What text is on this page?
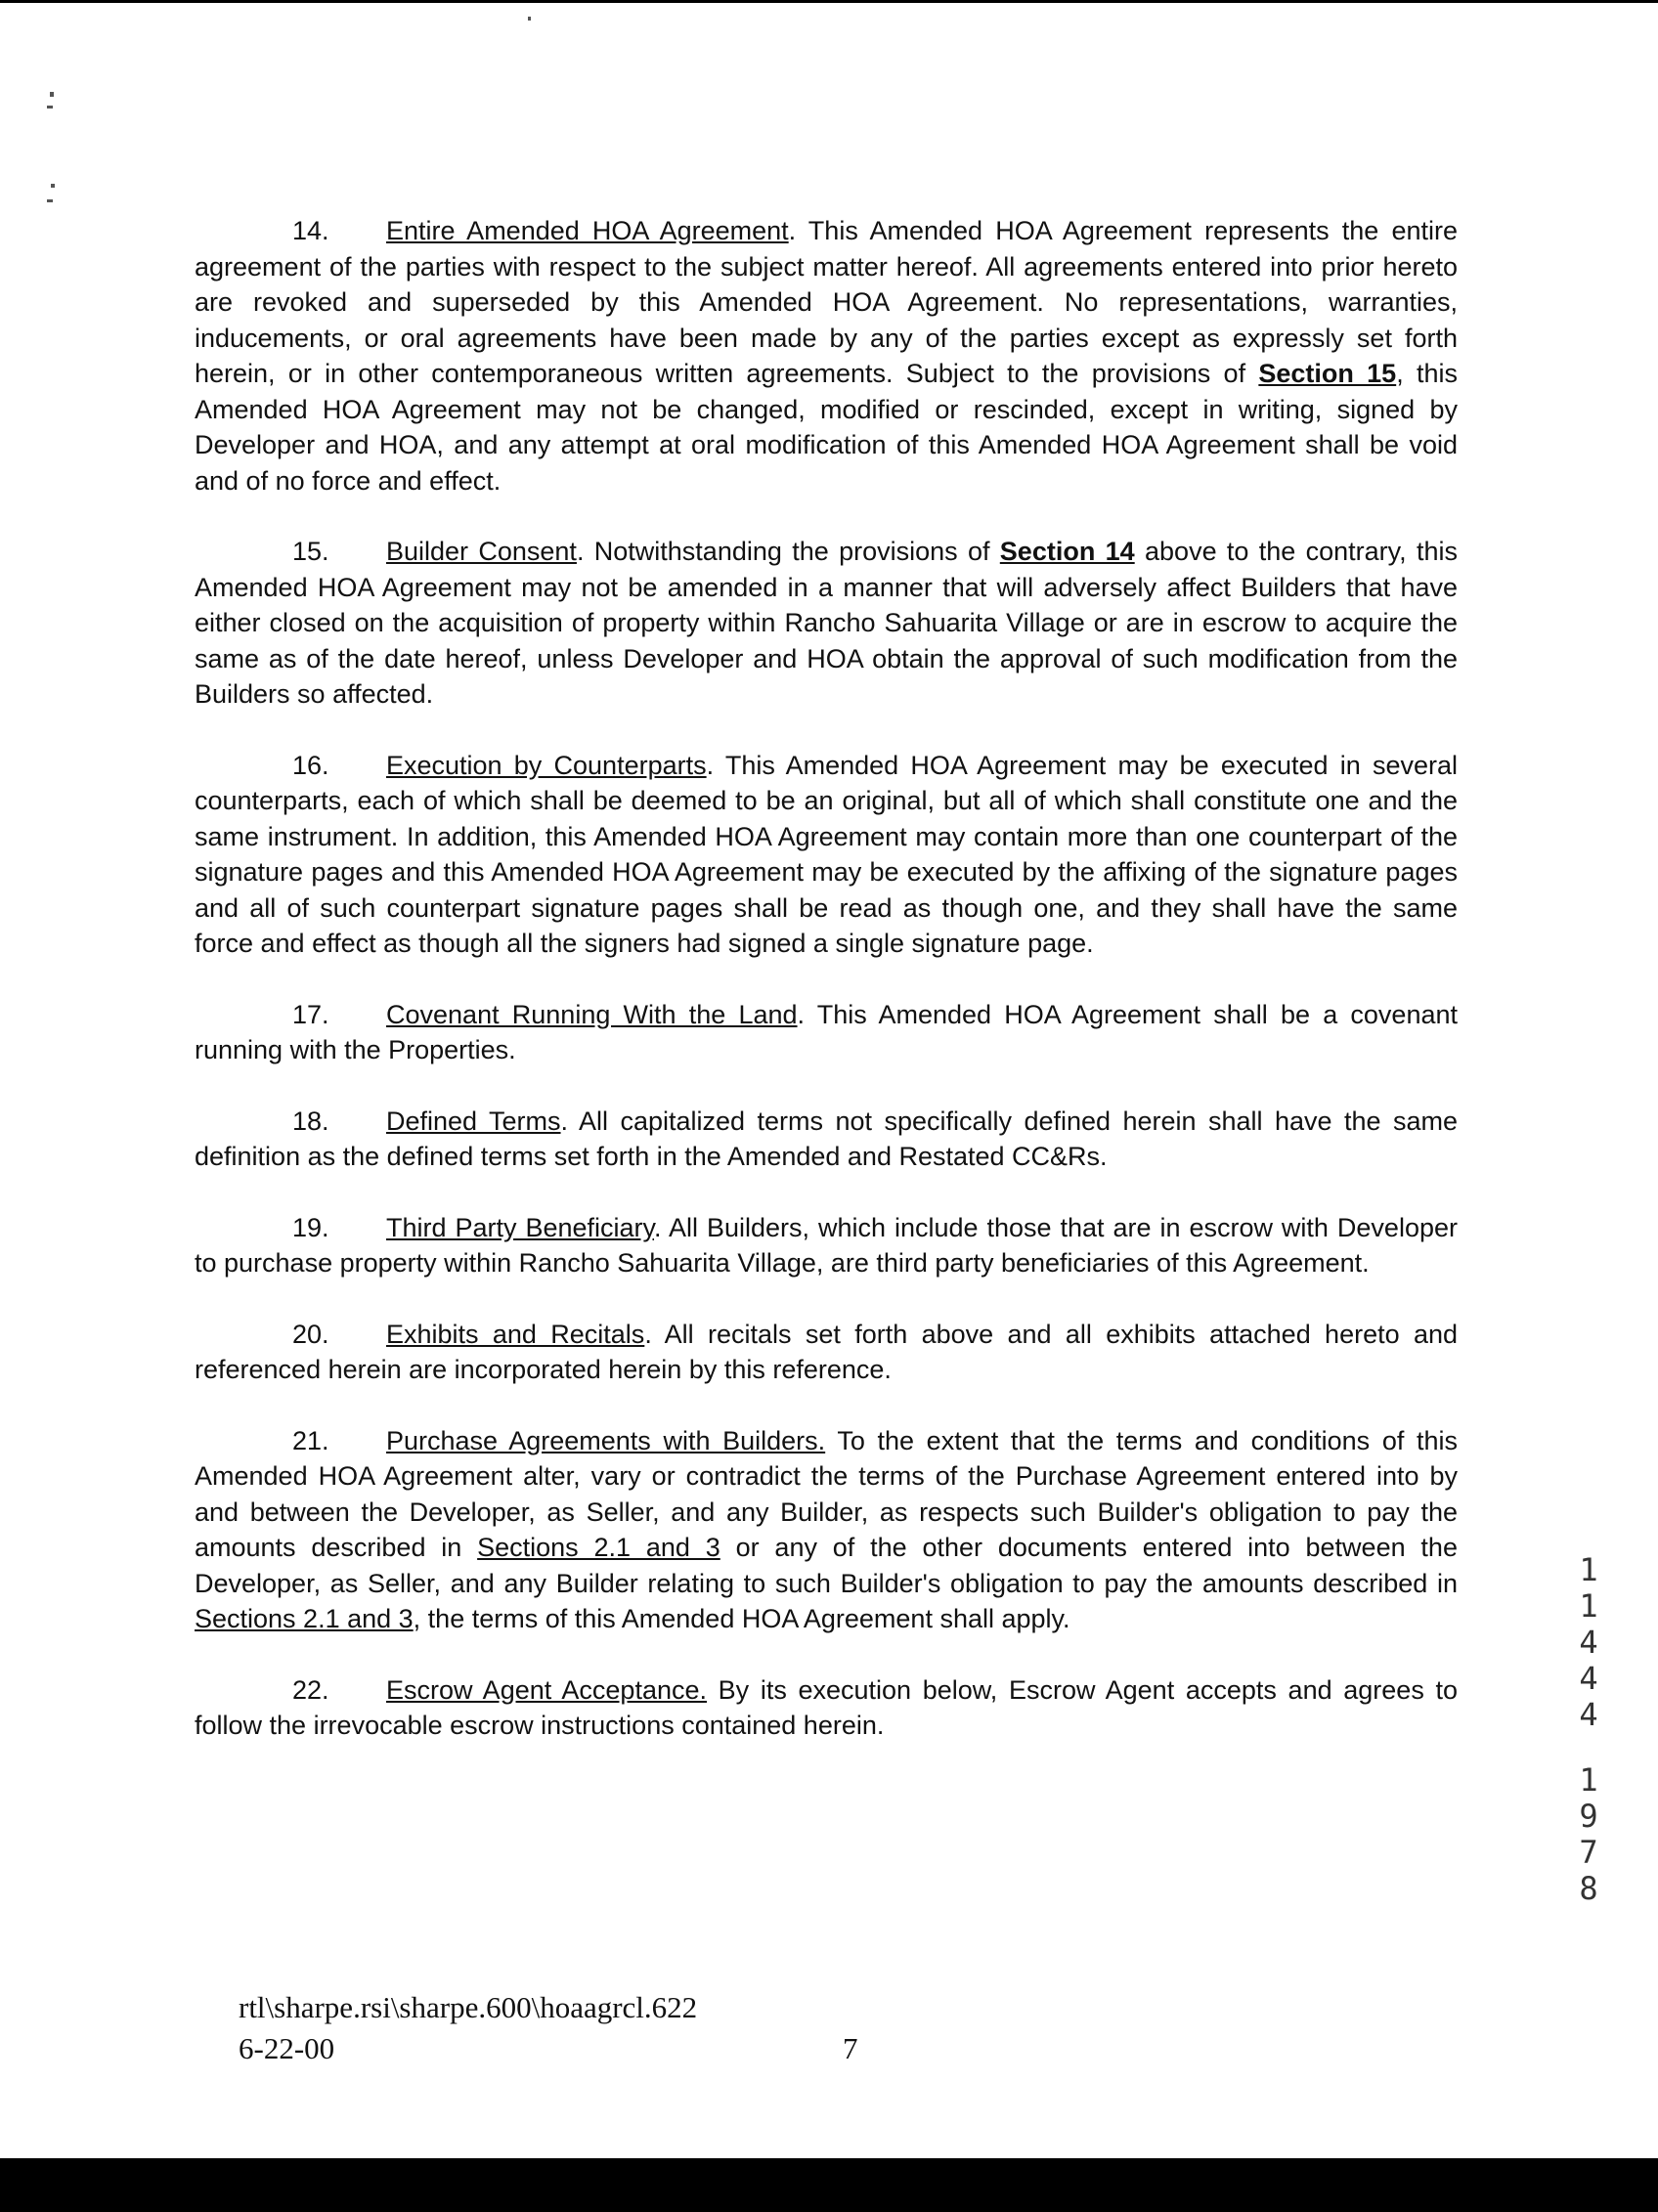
14. Entire Amended HOA Agreement. This Amended HOA Agreement represents the entire agreement of the parties with respect to the subject matter hereof. All agreements entered into prior hereto are revoked and superseded by this Amended HOA Agreement. No representations, warranties, inducements, or oral agreements have been made by any of the parties except as expressly set forth herein, or in other contemporaneous written agreements. Subject to the provisions of Section 15, this Amended HOA Agreement may not be changed, modified or rescinded, except in writing, signed by Developer and HOA, and any attempt at oral modification of this Amended HOA Agreement shall be void and of no force and effect.

15. Builder Consent. Notwithstanding the provisions of Section 14 above to the contrary, this Amended HOA Agreement may not be amended in a manner that will adversely affect Builders that have either closed on the acquisition of property within Rancho Sahuarita Village or are in escrow to acquire the same as of the date hereof, unless Developer and HOA obtain the approval of such modification from the Builders so affected.

16. Execution by Counterparts. This Amended HOA Agreement may be executed in several counterparts, each of which shall be deemed to be an original, but all of which shall constitute one and the same instrument. In addition, this Amended HOA Agreement may contain more than one counterpart of the signature pages and this Amended HOA Agreement may be executed by the affixing of the signature pages and all of such counterpart signature pages shall be read as though one, and they shall have the same force and effect as though all the signers had signed a single signature page.

17. Covenant Running With the Land. This Amended HOA Agreement shall be a covenant running with the Properties.

18. Defined Terms. All capitalized terms not specifically defined herein shall have the same definition as the defined terms set forth in the Amended and Restated CC&Rs.

19. Third Party Beneficiary. All Builders, which include those that are in escrow with Developer to purchase property within Rancho Sahuarita Village, are third party beneficiaries of this Agreement.

20. Exhibits and Recitals. All recitals set forth above and all exhibits attached hereto and referenced herein are incorporated herein by this reference.

21. Purchase Agreements with Builders. To the extent that the terms and conditions of this Amended HOA Agreement alter, vary or contradict the terms of the Purchase Agreement entered into by and between the Developer, as Seller, and any Builder, as respects such Builder's obligation to pay the amounts described in Sections 2.1 and 3 or any of the other documents entered into between the Developer, as Seller, and any Builder relating to such Builder's obligation to pay the amounts described in Sections 2.1 and 3, the terms of this Amended HOA Agreement shall apply.

22. Escrow Agent Acceptance. By its execution below, Escrow Agent accepts and agrees to follow the irrevocable escrow instructions contained herein.

1
1
4
4
4
1
9
7
8
rtl\sharpe.rsi\sharpe.600\hoaagrcl.622
6-22-00	7
